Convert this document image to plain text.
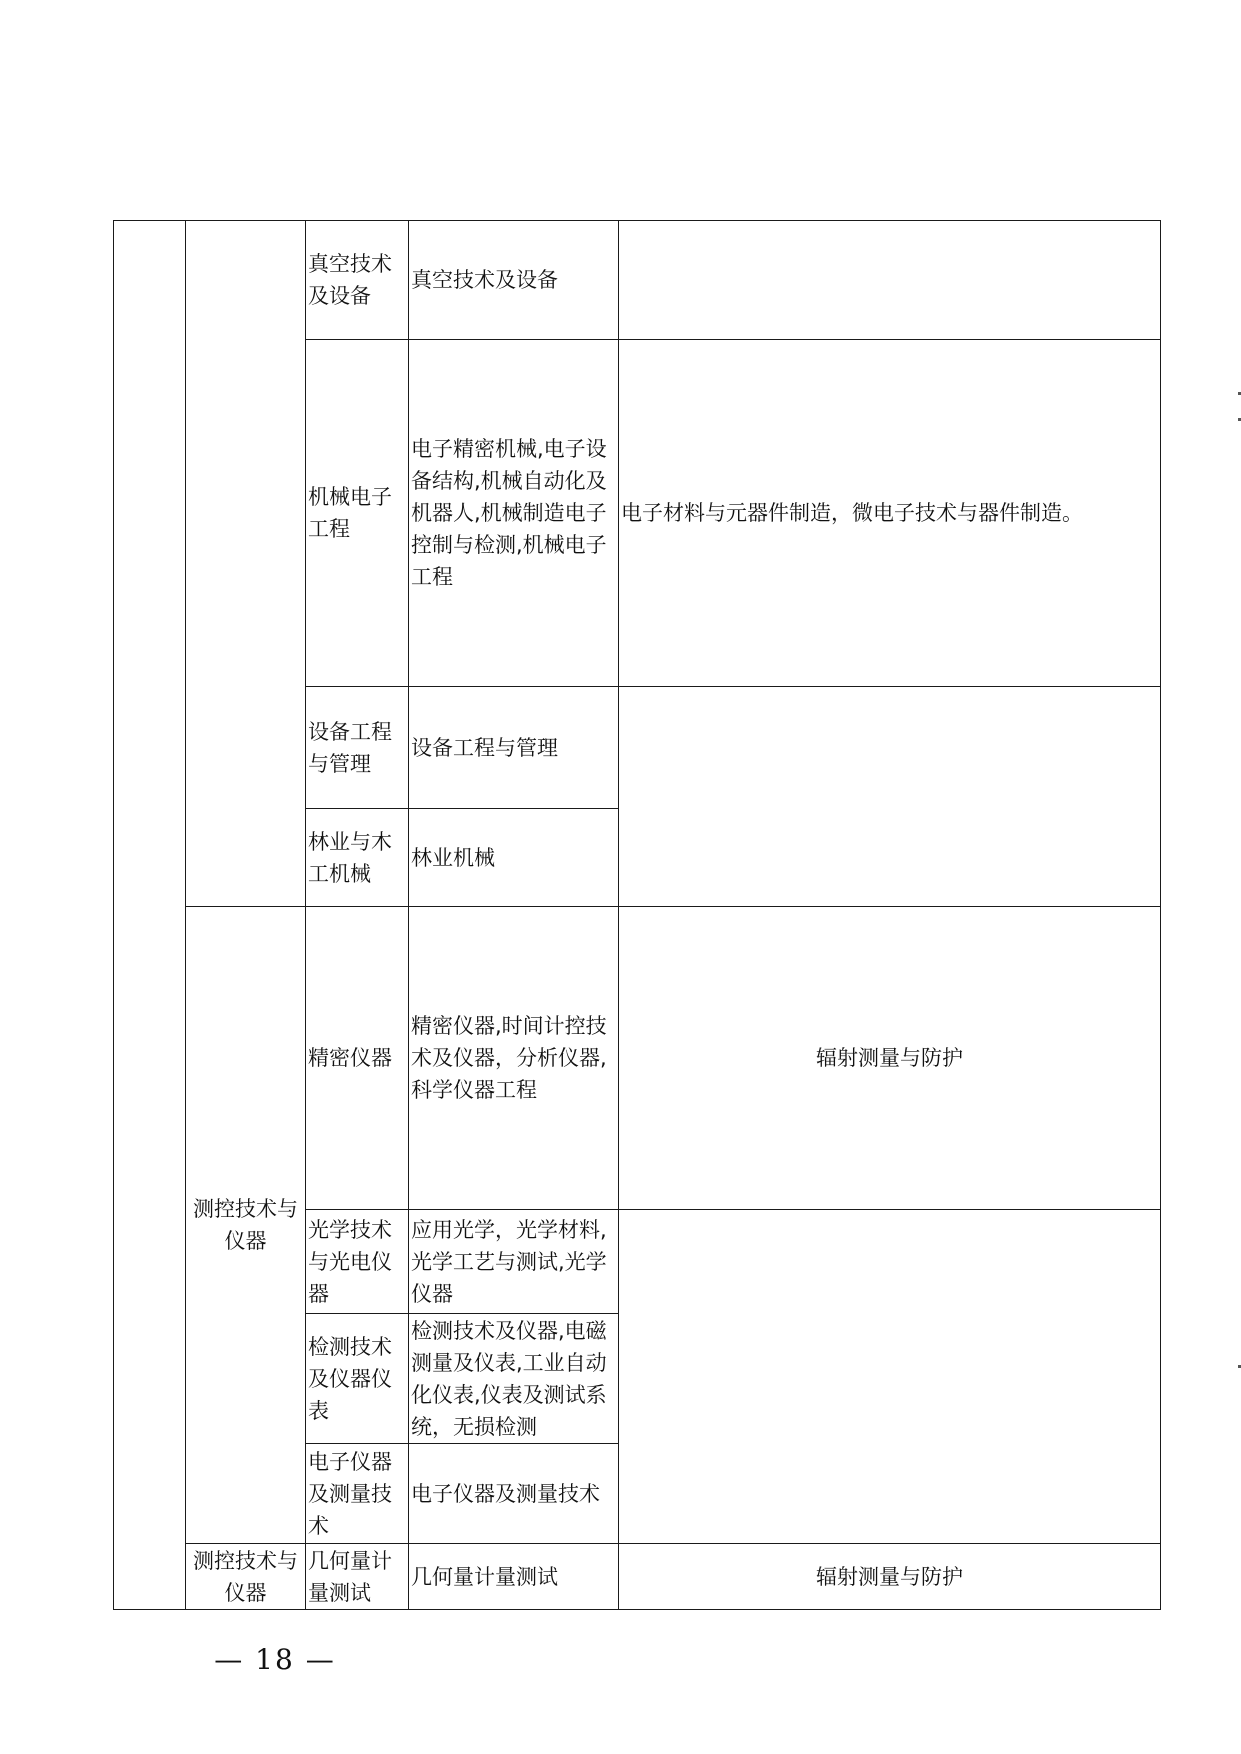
		真空技术及设备	真空技术及设备	
		机械电子工程	电子精密机械,电子设备结构,机械自动化及机器人,机械制造电子控制与检测,机械电子工程	电子材料与元器件制造，微电子技术与器件制造。
		设备工程与管理	设备工程与管理	
		林业与木工机械	林业机械	
	测控技术与仪器	精密仪器	精密仪器,时间计控技术及仪器，分析仪器,科学仪器工程	辐射测量与防护
		光学技术与光电仪器	应用光学，光学材料,光学工艺与测试,光学仪器	
		检测技术及仪器仪表	检测技术及仪器,电磁测量及仪表,工业自动化仪表,仪表及测试系统，无损检测	
		电子仪器及测量技术	电子仪器及测量技术	
	测控技术与仪器	几何量计量测试	几何量计量测试	辐射测量与防护
— 18 —
